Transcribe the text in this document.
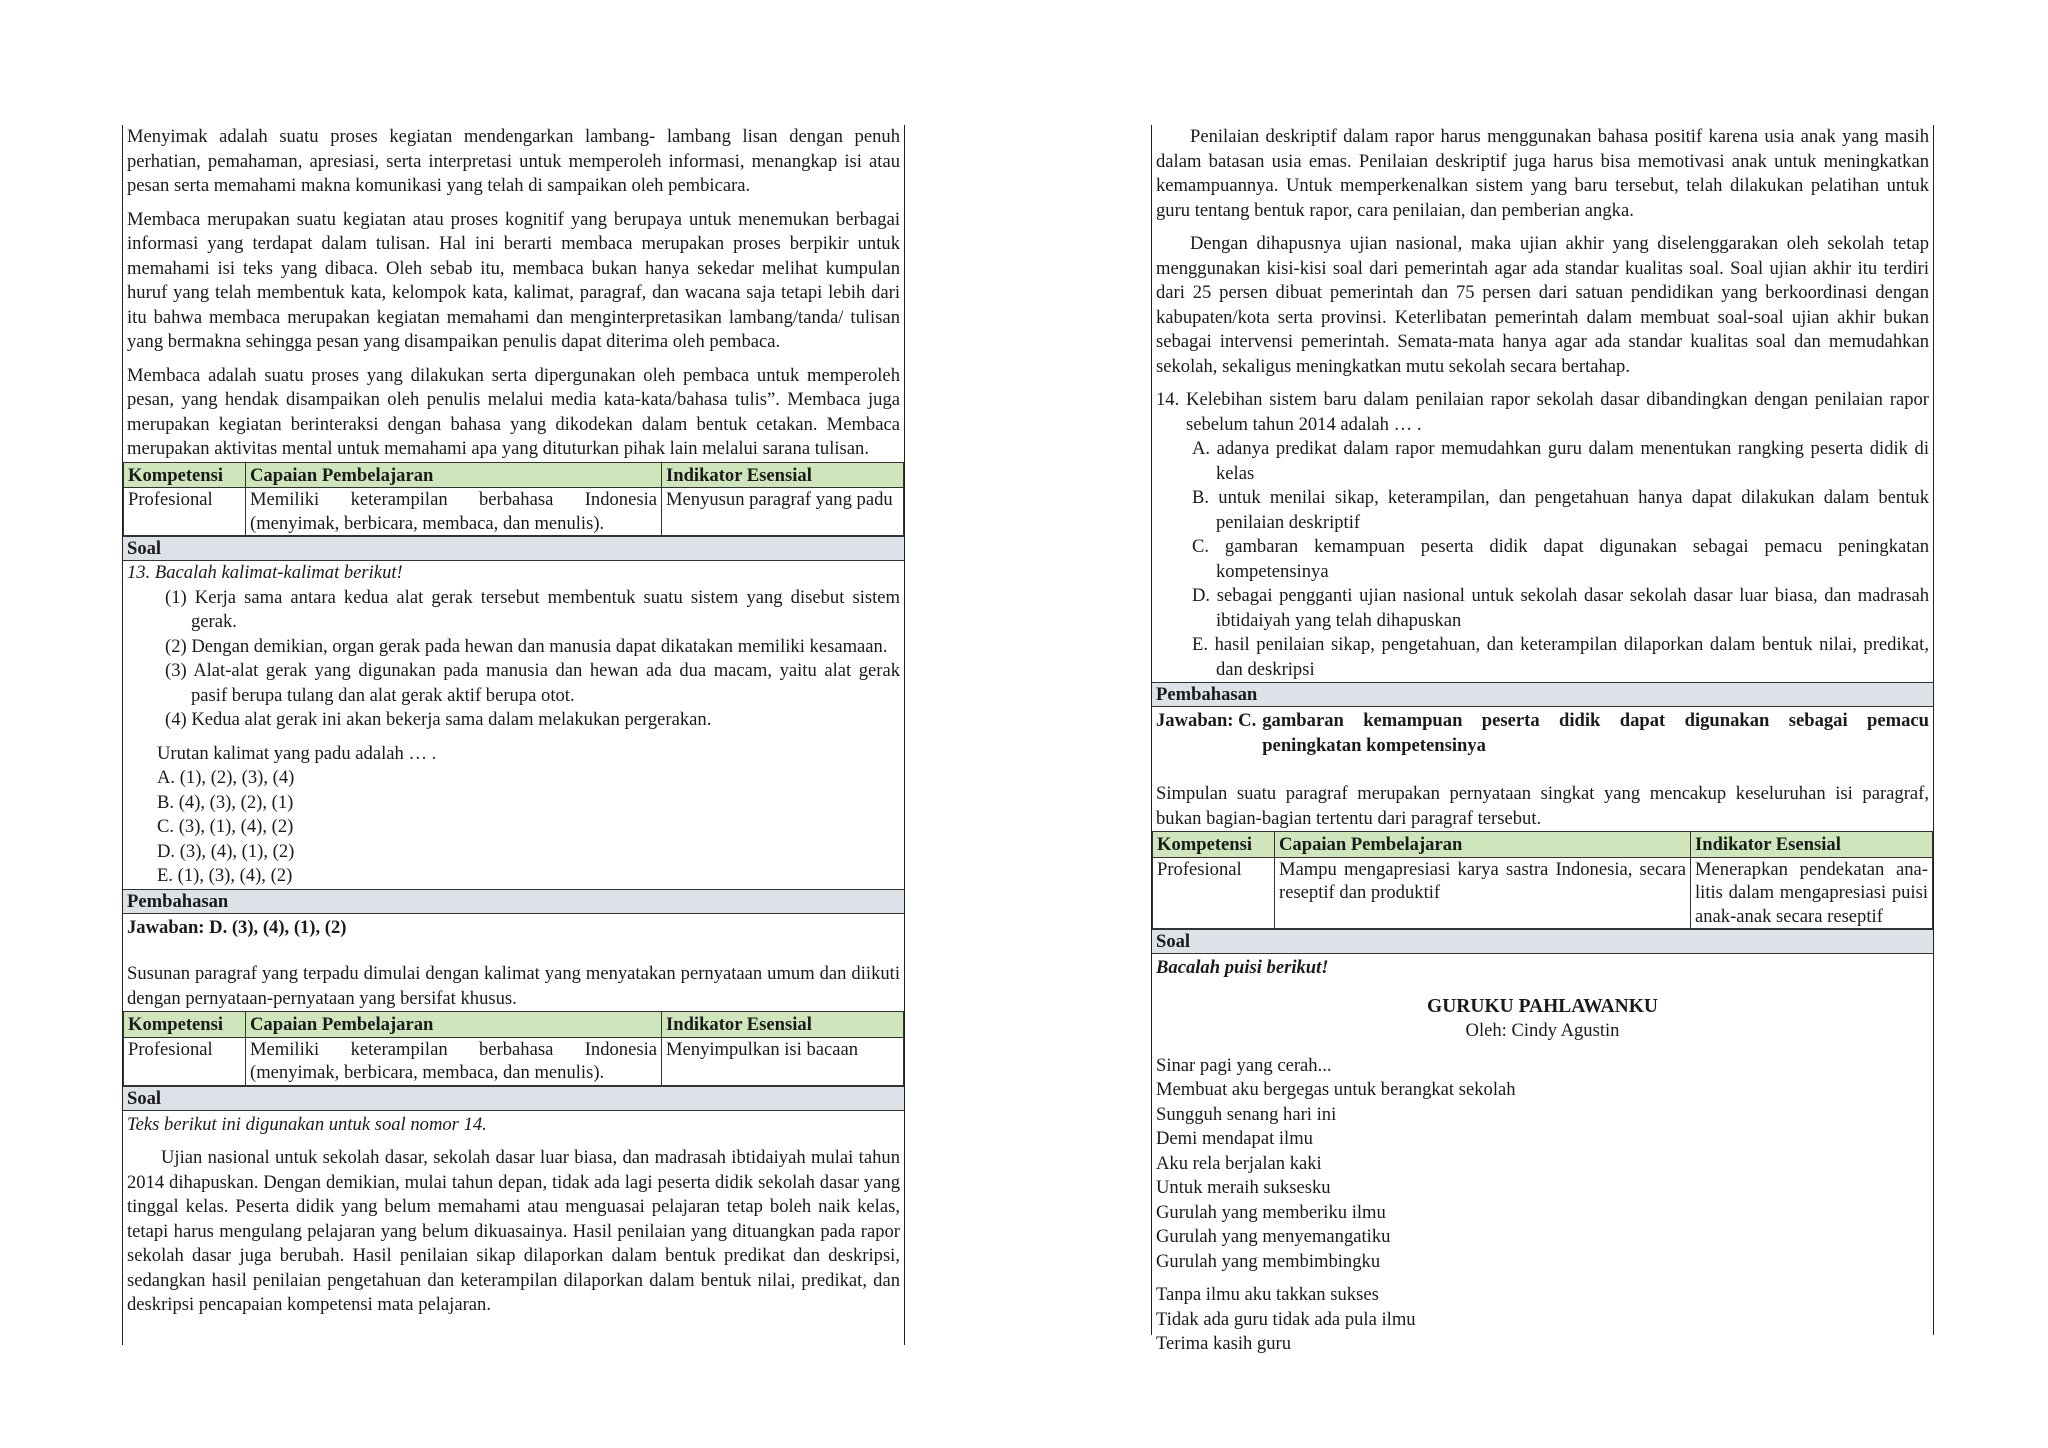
Menyimak adalah suatu proses kegiatan mendengarkan lambang- lambang lisan dengan penuh perhatian, pemahaman, apresiasi, serta interpretasi untuk memperoleh informasi, menangkap isi atau pesan serta memahami makna komunikasi yang telah di sampaikan oleh pembicara.

Membaca merupakan suatu kegiatan atau proses kognitif yang berupaya untuk menemukan berbagai informasi yang terdapat dalam tulisan. Hal ini berarti membaca merupakan proses berpikir untuk memahami isi teks yang dibaca. Oleh sebab itu, membaca bukan hanya sekedar melihat kumpulan huruf yang telah membentuk kata, kelompok kata, kalimat, paragraf, dan wacana saja tetapi lebih dari itu bahwa membaca merupakan kegiatan memahami dan menginterpretasikan lambang/tanda/ tulisan yang bermakna sehingga pesan yang disampaikan penulis dapat diterima oleh pembaca.

Membaca adalah suatu proses yang dilakukan serta dipergunakan oleh pembaca untuk memperoleh pesan, yang hendak disampaikan oleh penulis melalui media kata-kata/bahasa tulis”. Membaca juga merupakan kegiatan berinteraksi dengan bahasa yang dikodekan dalam bentuk cetakan. Membaca merupakan aktivitas mental untuk memahami apa yang dituturkan pihak lain melalui sarana tulisan.

Kompetensi	Capaian Pembelajaran	Indikator Esensial
Profesional	Memiliki keterampilan berbahasa Indonesia (menyimak, berbicara, membaca, dan menulis).	Menyusun paragraf yang padu
Soal
13. Bacalah kalimat-kalimat berikut!
(1) Kerja sama antara kedua alat gerak tersebut membentuk suatu sistem yang disebut sistem gerak.
(2) Dengan demikian, organ gerak pada hewan dan manusia dapat dikatakan memiliki kesamaan.
(3) Alat-alat gerak yang digunakan pada manusia dan hewan ada dua macam, yaitu alat gerak pasif berupa tulang dan alat gerak aktif berupa otot.
(4) Kedua alat gerak ini akan bekerja sama dalam melakukan pergerakan.
Urutan kalimat yang padu adalah … .
A. (1), (2), (3), (4)
B. (4), (3), (2), (1)
C. (3), (1), (4), (2)
D. (3), (4), (1), (2)
E. (1), (3), (4), (2)
Pembahasan
Jawaban: D. (3), (4), (1), (2)
Susunan paragraf yang terpadu dimulai dengan kalimat yang menyatakan pernyataan umum dan diikuti dengan pernyataan-pernyataan yang bersifat khusus.
Kompetensi	Capaian Pembelajaran	Indikator Esensial
Profesional	Memiliki keterampilan berbahasa Indonesia (menyimak, berbicara, membaca, dan menulis).	Menyimpulkan isi bacaan
Soal
Teks berikut ini digunakan untuk soal nomor 14.
Ujian nasional untuk sekolah dasar, sekolah dasar luar biasa, dan madrasah ibtidaiyah mulai tahun 2014 dihapuskan. Dengan demikian, mulai tahun depan, tidak ada lagi peserta didik sekolah dasar yang tinggal kelas. Peserta didik yang belum memahami atau menguasai pelajaran tetap boleh naik kelas, tetapi harus mengulang pelajaran yang belum dikuasainya. Hasil penilaian yang dituangkan pada rapor sekolah dasar juga berubah. Hasil penilaian sikap dilaporkan dalam bentuk predikat dan deskripsi, sedangkan hasil penilaian pengetahuan dan keterampilan dilaporkan dalam bentuk nilai, predikat, dan deskripsi pencapaian kompetensi mata pelajaran.

Penilaian deskriptif dalam rapor harus menggunakan bahasa positif karena usia anak yang masih dalam batasan usia emas. Penilaian deskriptif juga harus bisa memotivasi anak untuk meningkatkan kemampuannya. Untuk memperkenalkan sistem yang baru tersebut, telah dilakukan pelatihan untuk guru tentang bentuk rapor, cara penilaian, dan pemberian angka.

Dengan dihapusnya ujian nasional, maka ujian akhir yang diselenggarakan oleh sekolah tetap menggunakan kisi-kisi soal dari pemerintah agar ada standar kualitas soal. Soal ujian akhir itu terdiri dari 25 persen dibuat pemerintah dan 75 persen dari satuan pendidikan yang berkoordinasi dengan kabupaten/kota serta provinsi. Keterlibatan pemerintah dalam membuat soal-soal ujian akhir bukan sebagai intervensi pemerintah. Semata-mata hanya agar ada standar kualitas soal dan memudahkan sekolah, sekaligus meningkatkan mutu sekolah secara bertahap.

14. Kelebihan sistem baru dalam penilaian rapor sekolah dasar dibandingkan dengan penilaian rapor sebelum tahun 2014 adalah … .
A. adanya predikat dalam rapor memudahkan guru dalam menentukan rangking peserta didik di kelas
B. untuk menilai sikap, keterampilan, dan pengetahuan hanya dapat dilakukan dalam bentuk penilaian deskriptif
C. gambaran kemampuan peserta didik dapat digunakan sebagai pemacu peningkatan kompetensinya
D. sebagai pengganti ujian nasional untuk sekolah dasar sekolah dasar luar biasa, dan madrasah ibtidaiyah yang telah dihapuskan
E. hasil penilaian sikap, pengetahuan, dan keterampilan dilaporkan dalam bentuk nilai, predikat, dan deskripsi
Pembahasan
Jawaban: C. gambaran kemampuan peserta didik dapat digunakan sebagai pemacu peningkatan kompetensinya
Simpulan suatu paragraf merupakan pernyataan singkat yang mencakup keseluruhan isi paragraf, bukan bagian-bagian tertentu dari paragraf tersebut.
Kompetensi	Capaian Pembelajaran	Indikator Esensial
Profesional	Mampu mengapresiasi karya sastra Indonesia, secara reseptif dan produktif	Menerapkan pendekatan ana-litis dalam mengapresiasi puisi anak-anak secara reseptif
Soal
Bacalah puisi berikut!
GURUKU PAHLAWANKU
Oleh: Cindy Agustin
Sinar pagi yang cerah...
Membuat aku bergegas untuk berangkat sekolah
Sungguh senang hari ini
Demi mendapat ilmu
Aku rela berjalan kaki
Untuk meraih suksesku
Gurulah yang memberiku ilmu
Gurulah yang menyemangatiku
Gurulah yang membimbingku
Tanpa ilmu aku takkan sukses
Tidak ada guru tidak ada pula ilmu
Terima kasih guru
